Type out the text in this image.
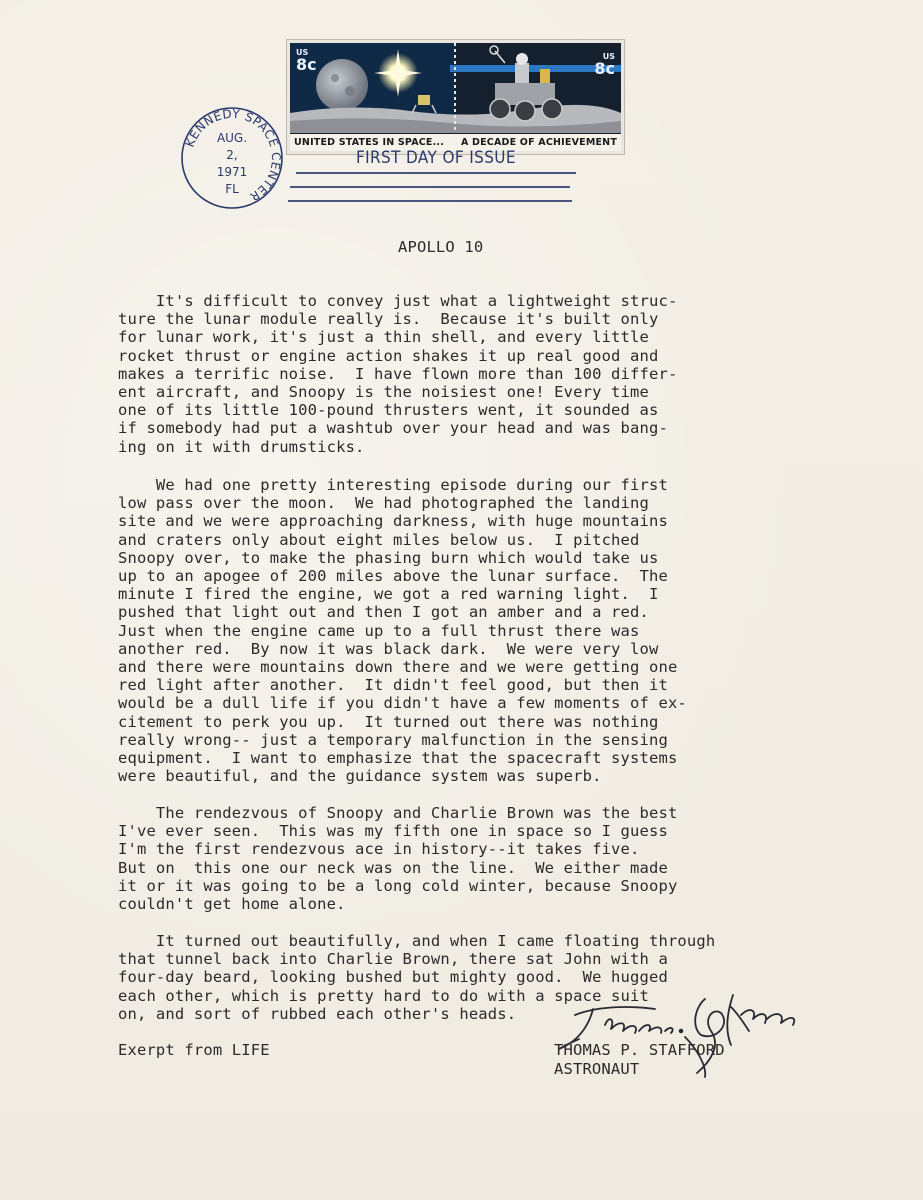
US
8c	US
8c
UNITED STATES IN SPACE... A DECADE OF ACHIEVEMENT
KENNEDY SPACE CENTER
AUG.
2,
1971
FL
FIRST DAY OF ISSUE
APOLLO 10
It's difficult to convey just what a lightweight struc-
ture the lunar module really is.  Because it's built only
for lunar work, it's just a thin shell, and every little
rocket thrust or engine action shakes it up real good and
makes a terrific noise.  I have flown more than 100 differ-
ent aircraft, and Snoopy is the noisiest one! Every time
one of its little 100-pound thrusters went, it sounded as
if somebody had put a washtub over your head and was bang-
ing on it with drumsticks.
We had one pretty interesting episode during our first
low pass over the moon.  We had photographed the landing
site and we were approaching darkness, with huge mountains
and craters only about eight miles below us.  I pitched
Snoopy over, to make the phasing burn which would take us
up to an apogee of 200 miles above the lunar surface.  The
minute I fired the engine, we got a red warning light.  I
pushed that light out and then I got an amber and a red.
Just when the engine came up to a full thrust there was
another red.  By now it was black dark.  We were very low
and there were mountains down there and we were getting one
red light after another.  It didn't feel good, but then it
would be a dull life if you didn't have a few moments of ex-
citement to perk you up.  It turned out there was nothing
really wrong-- just a temporary malfunction in the sensing
equipment.  I want to emphasize that the spacecraft systems
were beautiful, and the guidance system was superb.
The rendezvous of Snoopy and Charlie Brown was the best
I've ever seen.  This was my fifth one in space so I guess
I'm the first rendezvous ace in history--it takes five.
But on  this one our neck was on the line.  We either made
it or it was going to be a long cold winter, because Snoopy
couldn't get home alone.
It turned out beautifully, and when I came floating through
that tunnel back into Charlie Brown, there sat John with a
four-day beard, looking bushed but mighty good.  We hugged
each other, which is pretty hard to do with a space suit
on, and sort of rubbed each other's heads.
Exerpt from LIFE	THOMAS P. STAFFORD
ASTRONAUT
